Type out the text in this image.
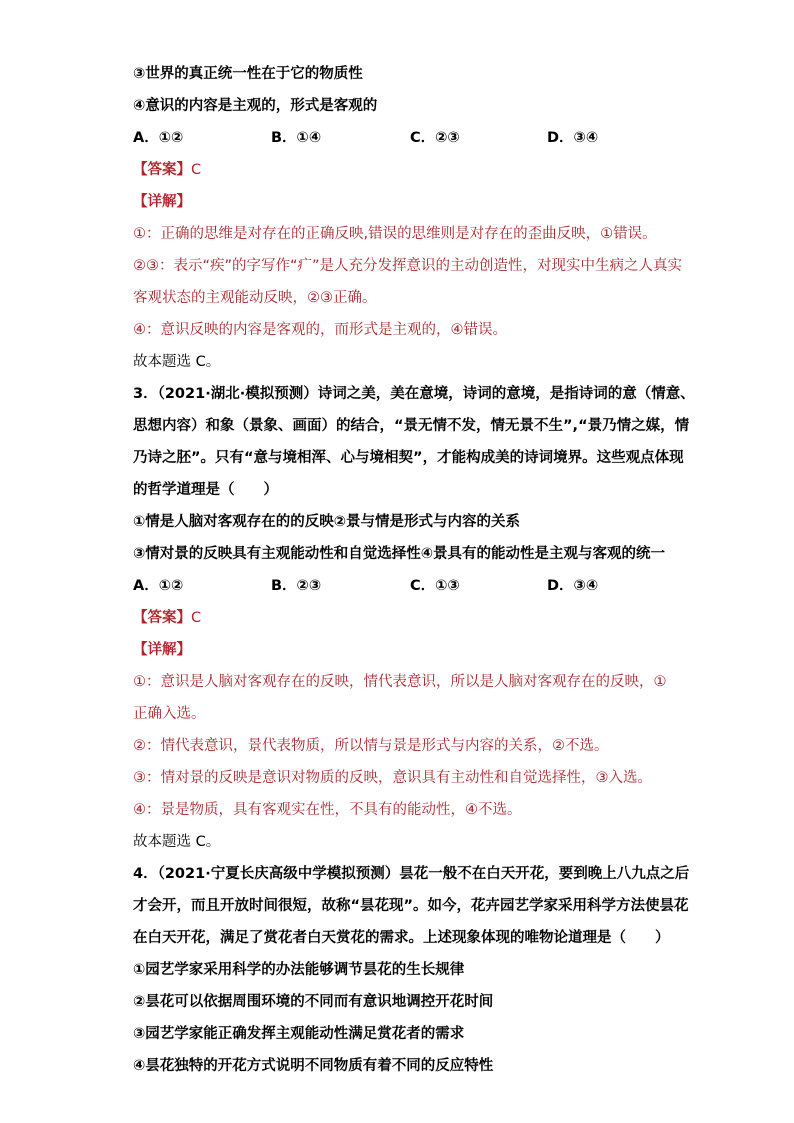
③世界的真正统一性在于它的物质性
④意识的内容是主观的，形式是客观的
A．①②	B．①④	C．②③	D．③④
【答案】C
【详解】
①：正确的思维是对存在的正确反映,错误的思维则是对存在的歪曲反映，①错误。
②③：表示“疾”的字写作“疒”是人充分发挥意识的主动创造性，对现实中生病之人真实
客观状态的主观能动反映，②③正确。
④：意识反映的内容是客观的，而形式是主观的，④错误。
故本题选 C。
3．（2021·湖北·模拟预测）诗词之美，美在意境，诗词的意境，是指诗词的意（情意、
思想内容）和象（景象、画面）的结合，“景无情不发，情无景不生”,“景乃情之媒，情
乃诗之胚”。只有“意与境相浑、心与境相契”，才能构成美的诗词境界。这些观点体现
的哲学道理是（　　）
①情是人脑对客观存在的的反映②景与情是形式与内容的关系
③情对景的反映具有主观能动性和自觉选择性④景具有的能动性是主观与客观的统一
A．①②	B．②③	C．①③	D．③④
【答案】C
【详解】
①：意识是人脑对客观存在的反映，情代表意识，所以是人脑对客观存在的反映，①
正确入选。
②：情代表意识，景代表物质，所以情与景是形式与内容的关系，②不选。
③：情对景的反映是意识对物质的反映，意识具有主动性和自觉选择性，③入选。
④：景是物质，具有客观实在性，不具有的能动性，④不选。
故本题选 C。
4．（2021·宁夏长庆高级中学模拟预测）昙花一般不在白天开花，要到晚上八九点之后
才会开，而且开放时间很短，故称“昙花现”。如今，花卉园艺学家采用科学方法使昙花
在白天开花，满足了赏花者白天赏花的需求。上述现象体现的唯物论道理是（　　）
①园艺学家采用科学的办法能够调节昙花的生长规律
②昙花可以依据周围环境的不同而有意识地调控开花时间
③园艺学家能正确发挥主观能动性满足赏花者的需求
④昙花独特的开花方式说明不同物质有着不同的反应特性
